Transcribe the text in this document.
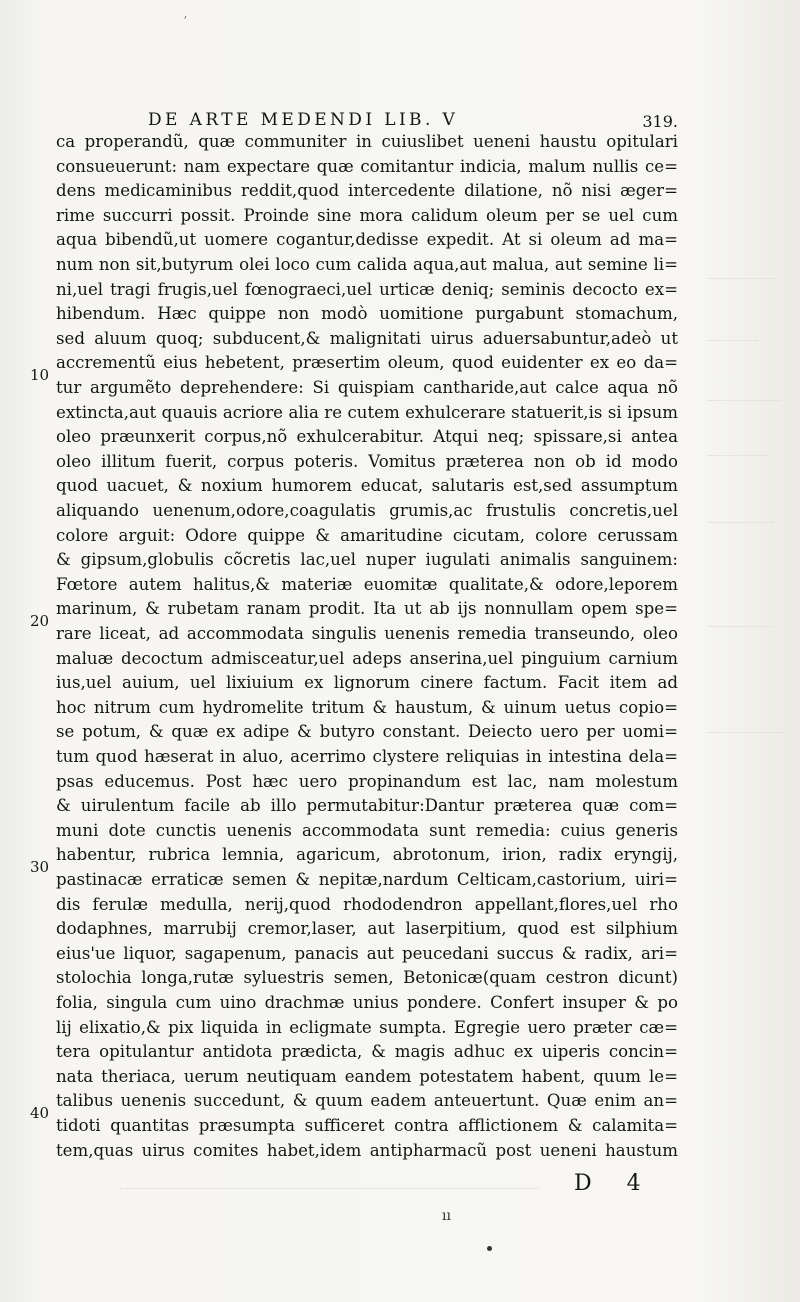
ʼ
DE ARTE MEDENDI LIB. V	319.
ca properandũ, quæ communiter in cuiuslibet ueneni haustu opitulari
consueuerunt: nam expectare quæ comitantur indicia, malum nullis ce=
dens medicaminibus reddit,quod intercedente dilatione, nõ nisi æger=
rime succurri possit. Proinde sine mora calidum oleum per se uel cum
aqua bibendũ,ut uomere cogantur,dedisse expedit. At si oleum ad ma=
num non sit,butyrum olei loco cum calida aqua,aut malua, aut semine li=
ni,uel tragi frugis,uel fœnograeci,uel urticæ deniq; seminis decocto ex=
hibendum. Hæc quippe non modò uomitione purgabunt stomachum,
sed aluum quoq; subducent,& malignitati uirus aduersabuntur,adeò ut
accrementũ eius hebetent, præsertim oleum, quod euidenter ex eo da=
tur argumẽto deprehendere: Si quispiam cantharide,aut calce aqua nõ
extincta,aut quauis acriore alia re cutem exhulcerare statuerit,is si ipsum
oleo præunxerit corpus,nõ exhulcerabitur. Atqui neq; spissare,si antea
oleo illitum fuerit, corpus poteris. Vomitus præterea non ob id modo
quod uacuet, & noxium humorem educat, salutaris est,sed assumptum
aliquando uenenum,odore,coagulatis grumis,ac frustulis concretis,uel
colore arguit: Odore quippe & amaritudine cicutam, colore cerussam
& gipsum,globulis cõcretis lac,uel nuper iugulati animalis sanguinem:
Fœtore autem halitus,& materiæ euomitæ qualitate,& odore,leporem
marinum, & rubetam ranam prodit. Ita ut ab ijs nonnullam opem spe=
rare liceat, ad accommodata singulis uenenis remedia transeundo, oleo
maluæ decoctum admisceatur,uel adeps anserina,uel pinguium carnium
ius,uel auium, uel lixiuium ex lignorum cinere factum. Facit item ad
hoc nitrum cum hydromelite tritum & haustum, & uinum uetus copio=
se potum, & quæ ex adipe & butyro constant. Deiecto uero per uomi=
tum quod hæserat in aluo, acerrimo clystere reliquias in intestina dela=
psas educemus. Post hæc uero propinandum est lac, nam molestum
& uirulentum facile ab illo permutabitur:Dantur præterea quæ com=
muni dote cunctis uenenis accommodata sunt remedia: cuius generis
habentur, rubrica lemnia, agaricum, abrotonum, irion, radix eryngij,
pastinacæ erraticæ semen & nepitæ,nardum Celticam,castorium, uiri=
dis ferulæ medulla, nerij,quod rhododendron appellant,flores,uel rho
dodaphnes, marrubij cremor,laser, aut laserpitium, quod est silphium
eius'ue liquor, sagapenum, panacis aut peucedani succus & radix, ari=
stolochia longa,rutæ syluestris semen, Betonicæ(quam cestron dicunt)
folia, singula cum uino drachmæ unius pondere. Confert insuper & po
lij elixatio,& pix liquida in ecligmate sumpta. Egregie uero præter cæ=
tera opitulantur antidota prædicta, & magis adhuc ex uiperis concin=
nata theriaca, uerum neutiquam eandem potestatem habent, quum le=
talibus uenenis succedunt, & quum eadem anteuertunt. Quæ enim an=
tidoti quantitas præsumpta sufficeret contra afflictionem & calamita=
tem,quas uirus comites habet,idem antipharmacũ post ueneni haustum
10
20
30
40
D 4
ıı
